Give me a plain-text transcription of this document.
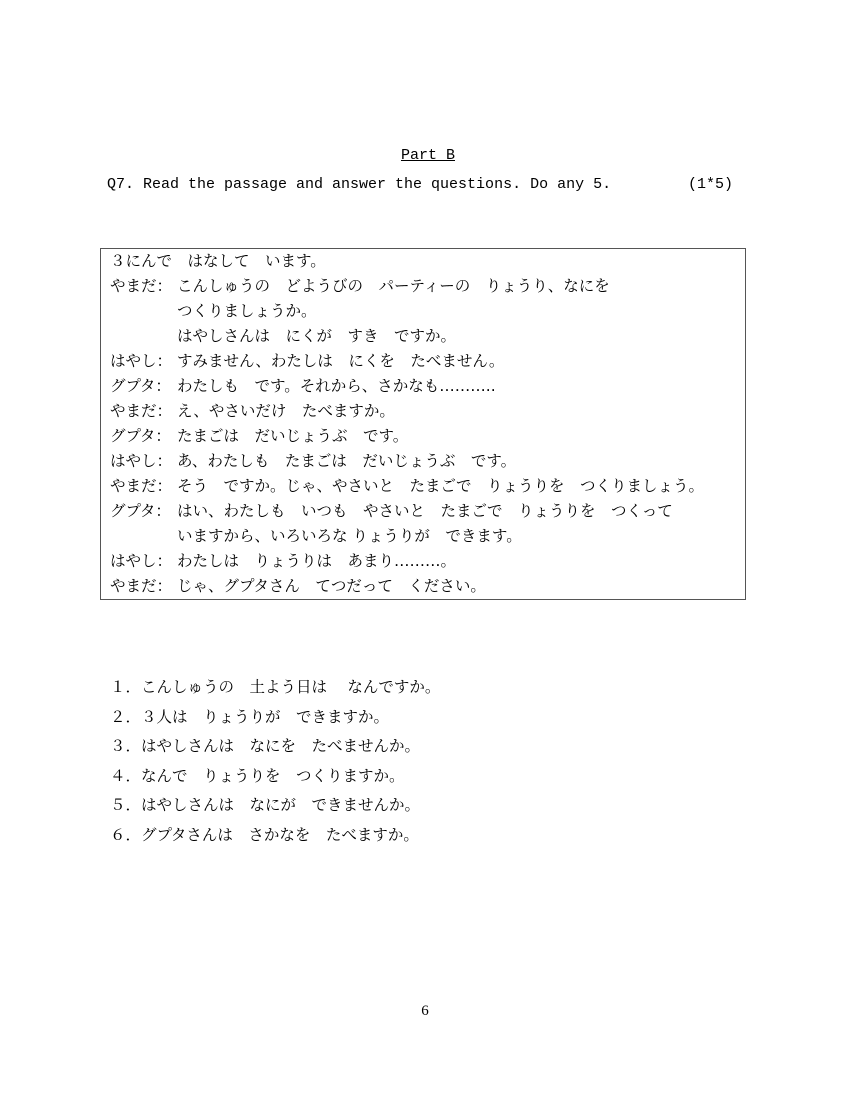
Part B
Q7. Read the passage and answer the questions. Do any 5.	(1*5)
３にんで　はなして　います。
やまだ： こんしゅうの　どようびの　パーティーの　りょうり、なにを
つくりましょうか。
はやしさんは　にくが　すき　ですか。
はやし： すみません、わたしは　にくを　たべません。
グプタ： わたしも　です。それから、さかなも………..
やまだ： え、やさいだけ　たべますか。
グプタ： たまごは　だいじょうぶ　です。
はやし： あ、わたしも　たまごは　だいじょうぶ　です。
やまだ： そう　ですか。じゃ、やさいと　たまごで　りょうりを　つくりましょう。
グプタ： はい、わたしも　いつも　やさいと　たまごで　りょうりを　つくって
いますから、いろいろな りょうりが　できます。
はやし： わたしは　りょうりは　あまり………。
やまだ： じゃ、グプタさん　てつだって　ください。
１．こんしゅうの　土よう日は　 なんですか。
２．３人は　りょうりが　できますか。
３．はやしさんは　なにを　たべませんか。
４．なんで　りょうりを　つくりますか。
５．はやしさんは　なにが　できませんか。
６．グプタさんは　さかなを　たべますか。
6
